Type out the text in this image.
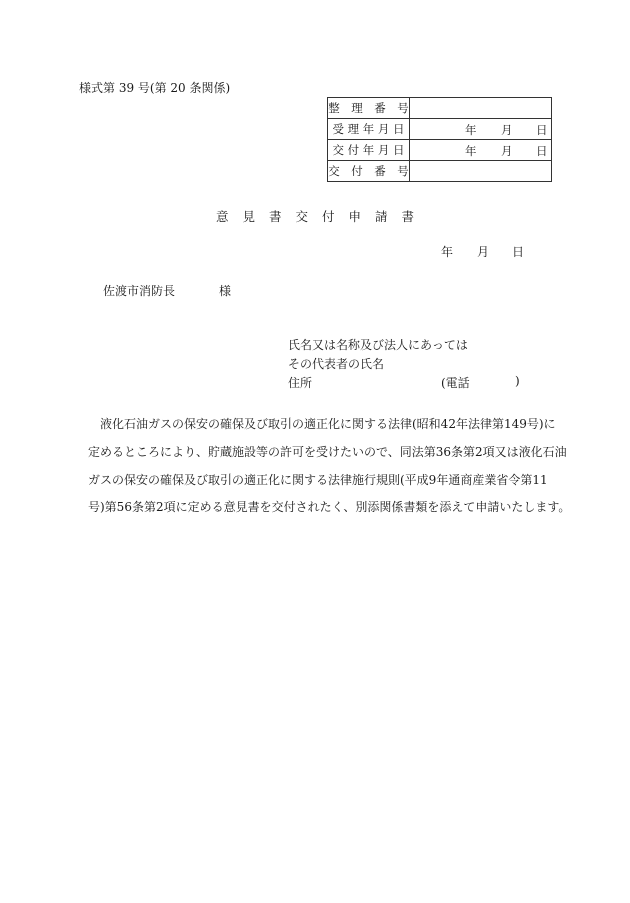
様式第 39 号(第 20 条関係)
整　理　番　号	
受 理 年 月 日	年 月 日

交 付 年 月 日	年 月 日

交　付　番　号	
意 見 書 交 付 申 請 書
年 月 日
佐渡市消防長	様
氏名又は名称及び法人にあっては
その代表者の氏名
住所	(電話	)
液化石油ガスの保安の確保及び取引の適正化に関する法律(昭和42年法律第149号)に
定めるところにより、貯蔵施設等の許可を受けたいので、同法第36条第2項又は液化石油
ガスの保安の確保及び取引の適正化に関する法律施行規則(平成9年通商産業省令第11
号)第56条第2項に定める意見書を交付されたく、別添関係書類を添えて申請いたします。
